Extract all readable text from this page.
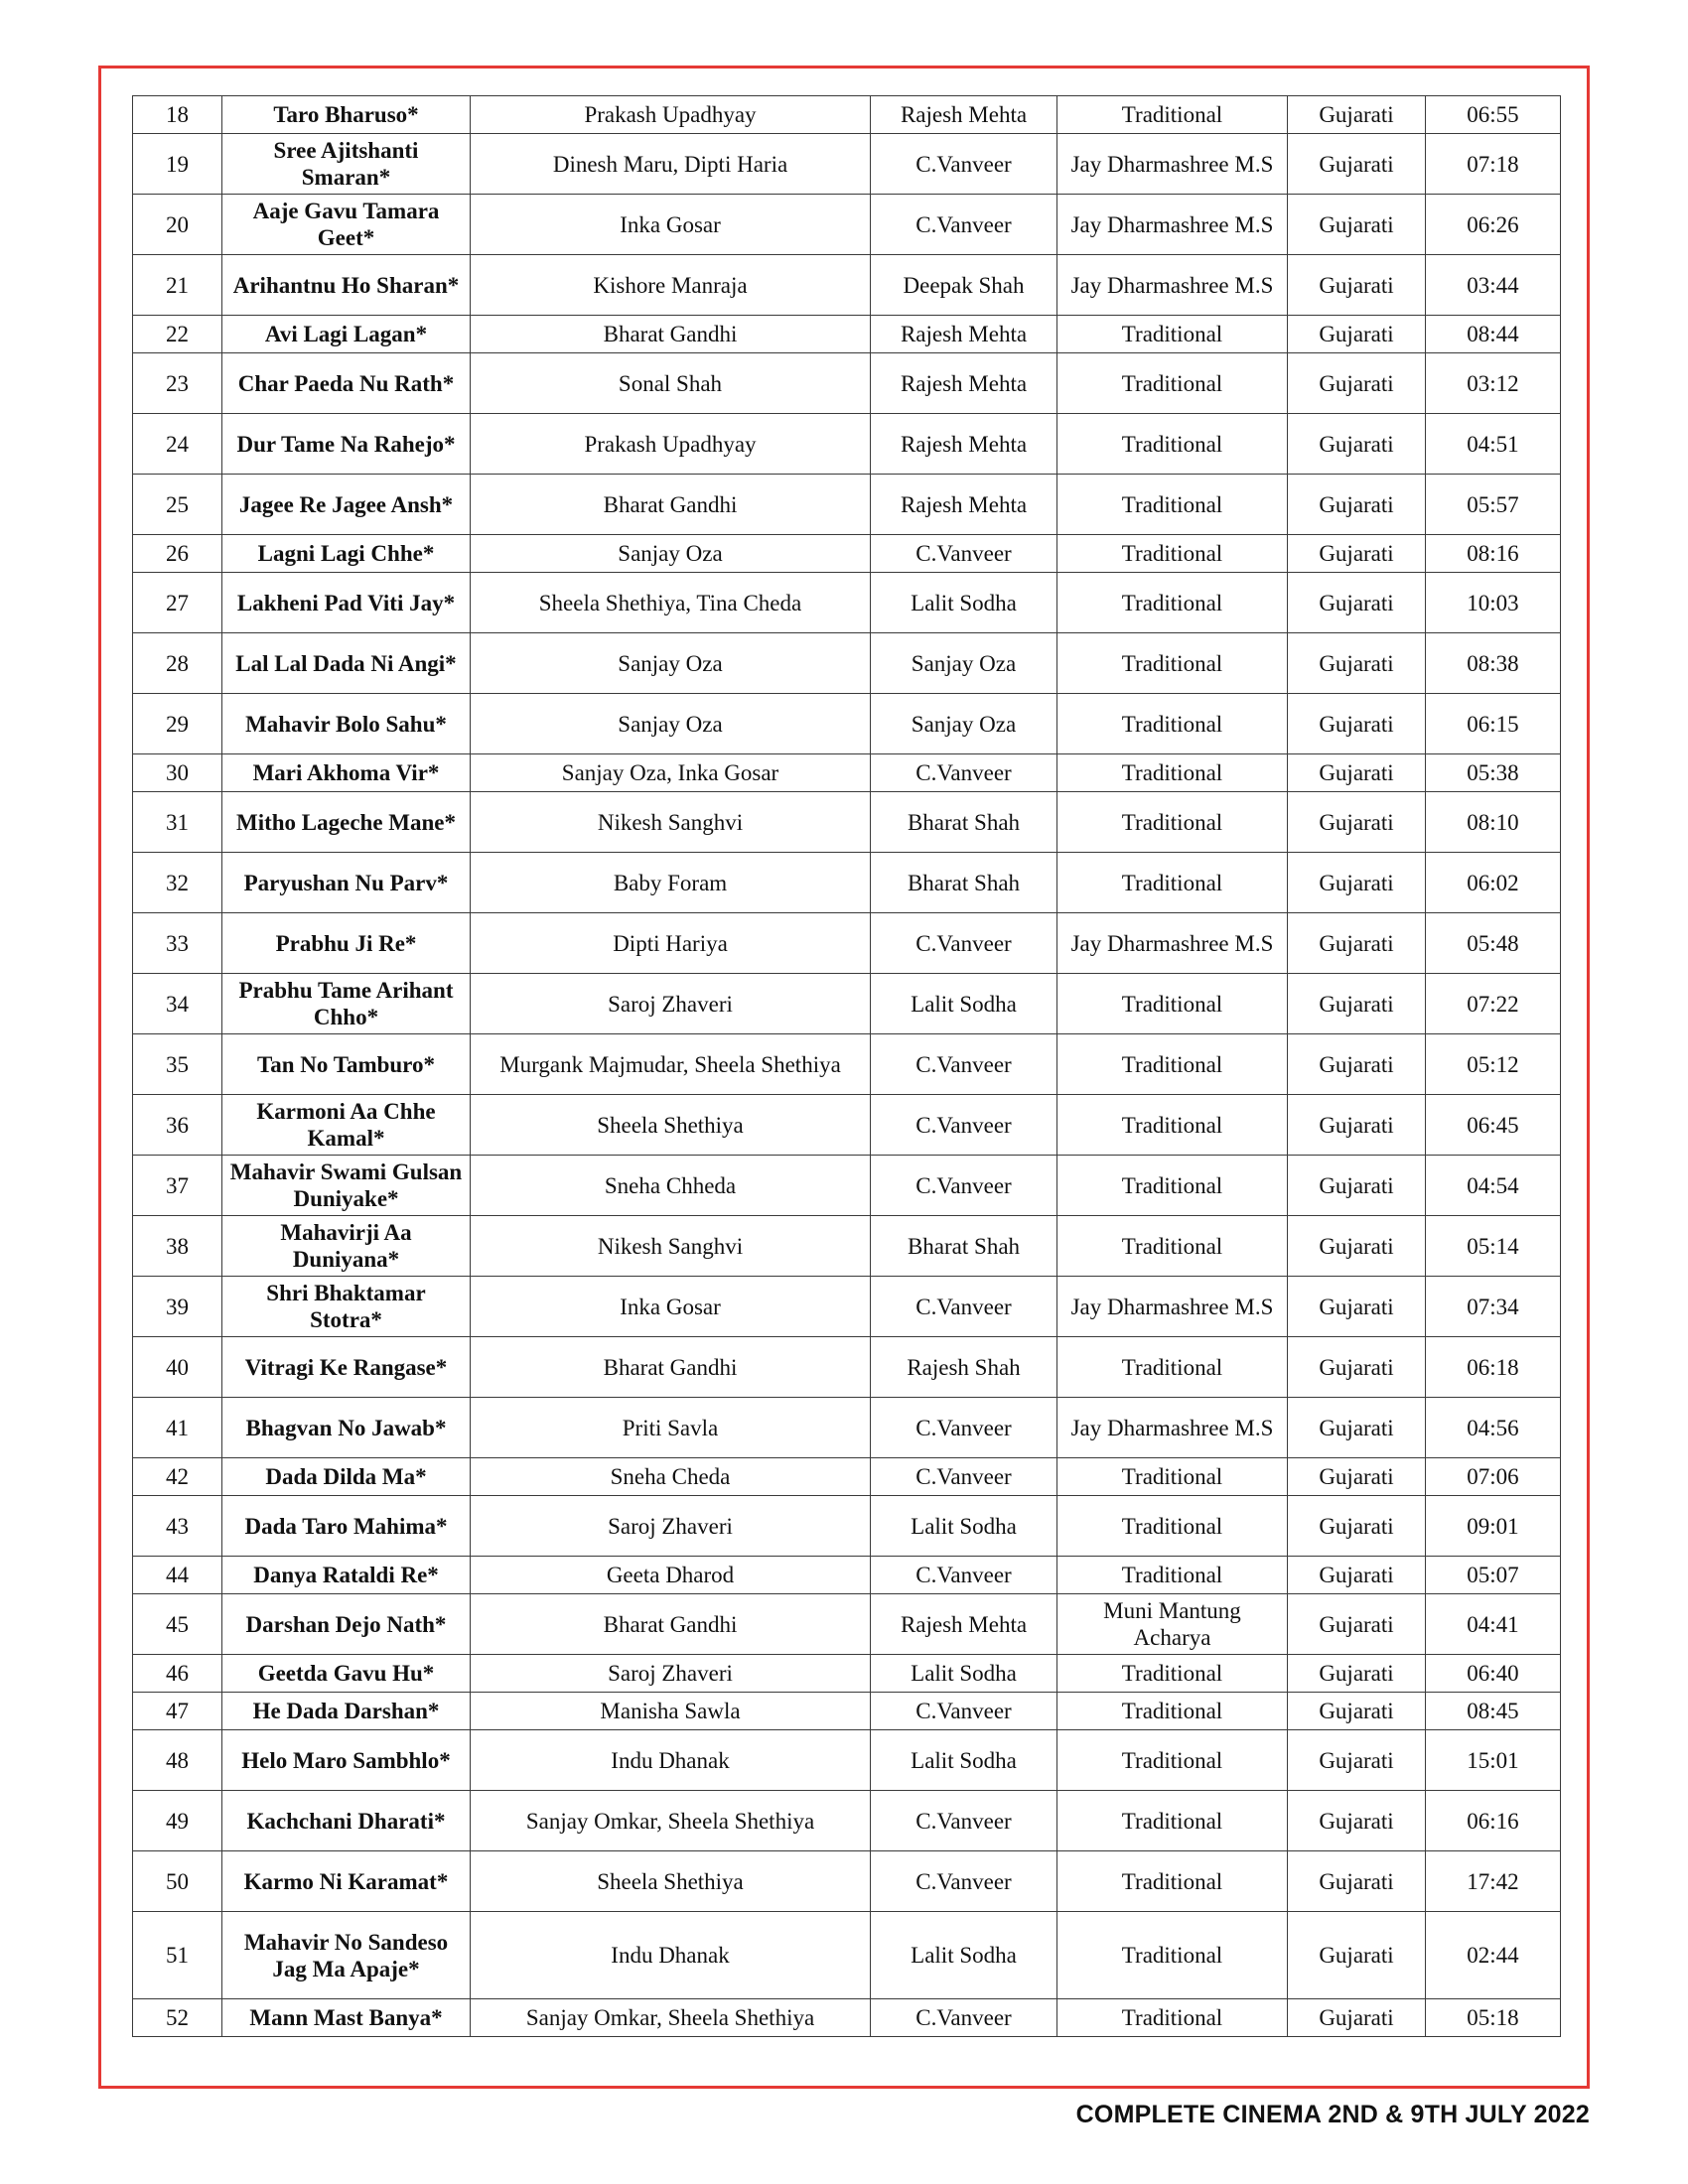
18	Taro Bharuso*	Prakash Upadhyay	Rajesh Mehta	Traditional	Gujarati	06:55
19	Sree Ajitshanti Smaran*	Dinesh Maru, Dipti Haria	C.Vanveer	Jay Dharmashree M.S	Gujarati	07:18
20	Aaje Gavu Tamara Geet*	Inka Gosar	C.Vanveer	Jay Dharmashree M.S	Gujarati	06:26
21	Arihantnu Ho Sharan*	Kishore Manraja	Deepak Shah	Jay Dharmashree M.S	Gujarati	03:44
22	Avi Lagi Lagan*	Bharat Gandhi	Rajesh Mehta	Traditional	Gujarati	08:44
23	Char Paeda Nu Rath*	Sonal Shah	Rajesh Mehta	Traditional	Gujarati	03:12
24	Dur Tame Na Rahejo*	Prakash Upadhyay	Rajesh Mehta	Traditional	Gujarati	04:51
25	Jagee Re Jagee Ansh*	Bharat Gandhi	Rajesh Mehta	Traditional	Gujarati	05:57
26	Lagni Lagi Chhe*	Sanjay Oza	C.Vanveer	Traditional	Gujarati	08:16
27	Lakheni Pad Viti Jay*	Sheela Shethiya, Tina Cheda	Lalit Sodha	Traditional	Gujarati	10:03
28	Lal Lal Dada Ni Angi*	Sanjay Oza	Sanjay Oza	Traditional	Gujarati	08:38
29	Mahavir Bolo Sahu*	Sanjay Oza	Sanjay Oza	Traditional	Gujarati	06:15
30	Mari Akhoma Vir*	Sanjay Oza, Inka Gosar	C.Vanveer	Traditional	Gujarati	05:38
31	Mitho Lageche Mane*	Nikesh Sanghvi	Bharat Shah	Traditional	Gujarati	08:10
32	Paryushan Nu Parv*	Baby Foram	Bharat Shah	Traditional	Gujarati	06:02
33	Prabhu Ji Re*	Dipti Hariya	C.Vanveer	Jay Dharmashree M.S	Gujarati	05:48
34	Prabhu Tame Arihant Chho*	Saroj Zhaveri	Lalit Sodha	Traditional	Gujarati	07:22
35	Tan No Tamburo*	Murgank Majmudar, Sheela Shethiya	C.Vanveer	Traditional	Gujarati	05:12
36	Karmoni Aa Chhe Kamal*	Sheela Shethiya	C.Vanveer	Traditional	Gujarati	06:45
37	Mahavir Swami Gulsan Duniyake*	Sneha Chheda	C.Vanveer	Traditional	Gujarati	04:54
38	Mahavirji Aa Duniyana*	Nikesh Sanghvi	Bharat Shah	Traditional	Gujarati	05:14
39	Shri Bhaktamar Stotra*	Inka Gosar	C.Vanveer	Jay Dharmashree M.S	Gujarati	07:34
40	Vitragi Ke Rangase*	Bharat Gandhi	Rajesh Shah	Traditional	Gujarati	06:18
41	Bhagvan No Jawab*	Priti Savla	C.Vanveer	Jay Dharmashree M.S	Gujarati	04:56
42	Dada Dilda Ma*	Sneha Cheda	C.Vanveer	Traditional	Gujarati	07:06
43	Dada Taro Mahima*	Saroj Zhaveri	Lalit Sodha	Traditional	Gujarati	09:01
44	Danya Rataldi Re*	Geeta Dharod	C.Vanveer	Traditional	Gujarati	05:07
45	Darshan Dejo Nath*	Bharat Gandhi	Rajesh Mehta	Muni Mantung Acharya	Gujarati	04:41
46	Geetda Gavu Hu*	Saroj Zhaveri	Lalit Sodha	Traditional	Gujarati	06:40
47	He Dada Darshan*	Manisha Sawla	C.Vanveer	Traditional	Gujarati	08:45
48	Helo Maro Sambhlo*	Indu Dhanak	Lalit Sodha	Traditional	Gujarati	15:01
49	Kachchani Dharati*	Sanjay Omkar, Sheela Shethiya	C.Vanveer	Traditional	Gujarati	06:16
50	Karmo Ni Karamat*	Sheela Shethiya	C.Vanveer	Traditional	Gujarati	17:42
51	Mahavir No Sandeso Jag Ma Apaje*	Indu Dhanak	Lalit Sodha	Traditional	Gujarati	02:44
52	Mann Mast Banya*	Sanjay Omkar, Sheela Shethiya	C.Vanveer	Traditional	Gujarati	05:18
COMPLETE CINEMA 2ND & 9TH JULY 2022
